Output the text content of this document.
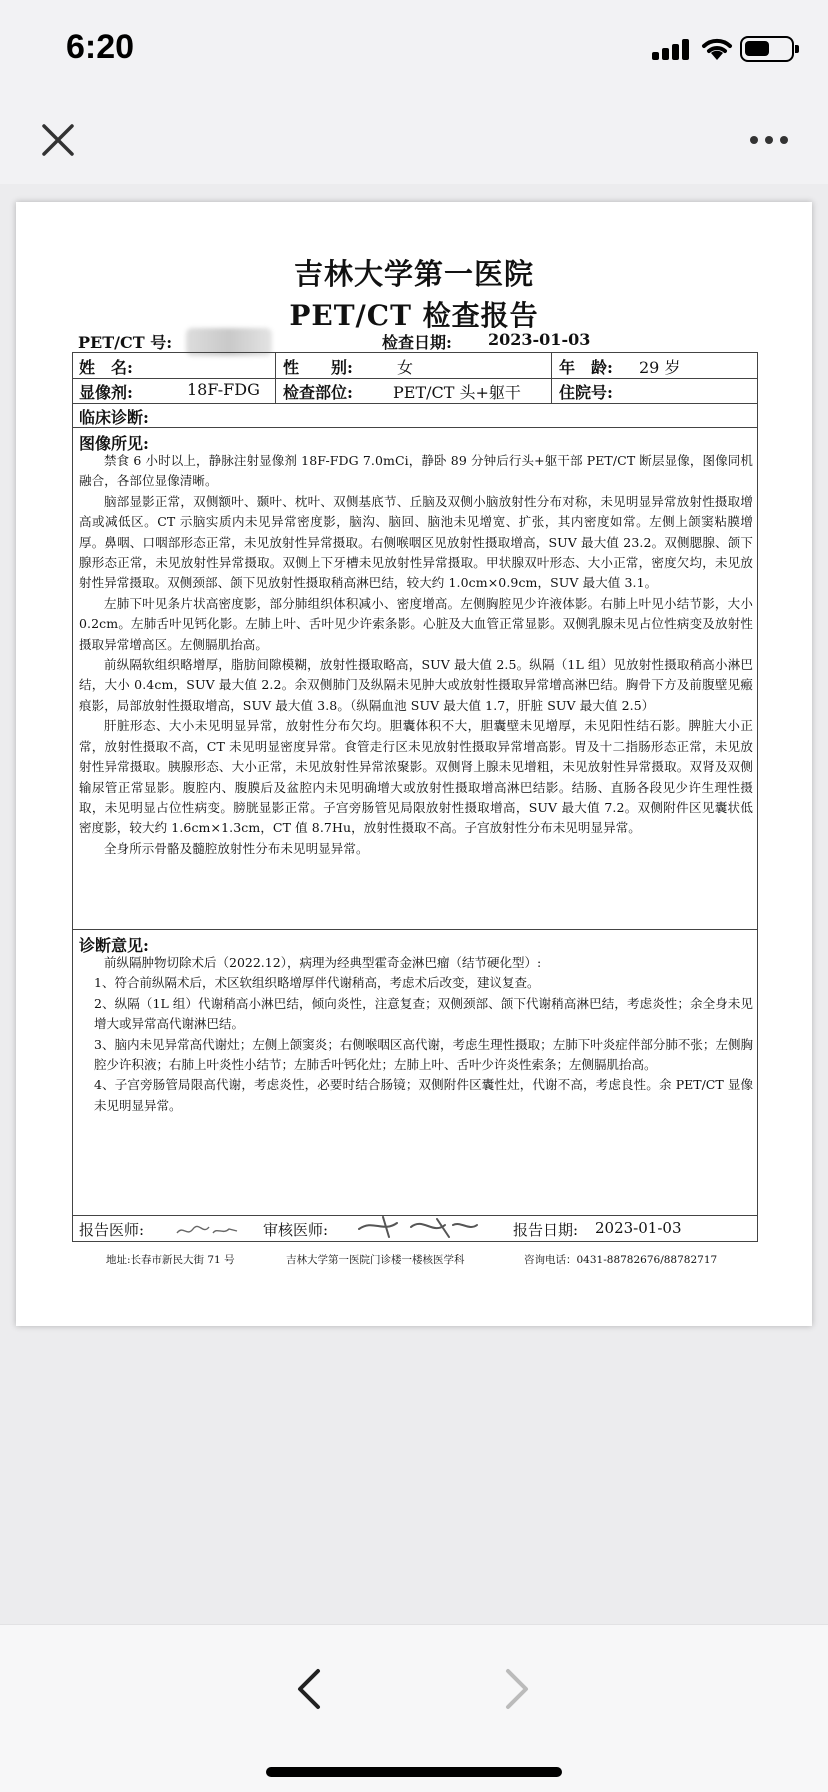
6:20
吉林大学第一医院
PET/CT 检查报告
PET/CT 号:	检查日期: 2023-01-03
姓　名:	性　　别:	女	年　龄: 29 岁
显像剂:	18F-FDG 检查部位:	PET/CT 头+躯干 住院号:
临床诊断:
图像所见:

禁食 6 小时以上，静脉注射显像剂 18F-FDG 7.0mCi，静卧 89 分钟后行头+躯干部 PET/CT 断层显像，图像同机融合，各部位显像清晰。

脑部显影正常，双侧额叶、颞叶、枕叶、双侧基底节、丘脑及双侧小脑放射性分布对称，未见明显异常放射性摄取增高或减低区。CT 示脑实质内未见异常密度影，脑沟、脑回、脑池未见增宽、扩张，其内密度如常。左侧上颌窦粘膜增厚。鼻咽、口咽部形态正常，未见放射性异常摄取。右侧喉咽区见放射性摄取增高，SUV 最大值 23.2。双侧腮腺、颌下腺形态正常，未见放射性异常摄取。双侧上下牙槽未见放射性异常摄取。甲状腺双叶形态、大小正常，密度欠均，未见放射性异常摄取。双侧颈部、颌下见放射性摄取稍高淋巴结，较大约 1.0cm×0.9cm，SUV 最大值 3.1。

左肺下叶见条片状高密度影，部分肺组织体积减小、密度增高。左侧胸腔见少许液体影。右肺上叶见小结节影，大小 0.2cm。左肺舌叶见钙化影。左肺上叶、舌叶见少许索条影。心脏及大血管正常显影。双侧乳腺未见占位性病变及放射性摄取异常增高区。左侧膈肌抬高。

前纵隔软组织略增厚，脂肪间隙模糊，放射性摄取略高，SUV 最大值 2.5。纵隔（1L 组）见放射性摄取稍高小淋巴结，大小 0.4cm，SUV 最大值 2.2。余双侧肺门及纵隔未见肿大或放射性摄取异常增高淋巴结。胸骨下方及前腹壁见瘢痕影，局部放射性摄取增高，SUV 最大值 3.8。（纵隔血池 SUV 最大值 1.7，肝脏 SUV 最大值 2.5）

肝脏形态、大小未见明显异常，放射性分布欠均。胆囊体积不大，胆囊壁未见增厚，未见阳性结石影。脾脏大小正常，放射性摄取不高，CT 未见明显密度异常。食管走行区未见放射性摄取异常增高影。胃及十二指肠形态正常，未见放射性异常摄取。胰腺形态、大小正常，未见放射性异常浓聚影。双侧肾上腺未见增粗，未见放射性异常摄取。双肾及双侧输尿管正常显影。腹腔内、腹膜后及盆腔内未见明确增大或放射性摄取增高淋巴结影。结肠、直肠各段见少许生理性摄取，未见明显占位性病变。膀胱显影正常。子宫旁肠管见局限放射性摄取增高，SUV 最大值 7.2。双侧附件区见囊状低密度影，较大约 1.6cm×1.3cm，CT 值 8.7Hu，放射性摄取不高。子宫放射性分布未见明显异常。

全身所示骨骼及髓腔放射性分布未见明显异常。

诊断意见:

前纵隔肿物切除术后（2022.12），病理为经典型霍奇金淋巴瘤（结节硬化型）:

1、符合前纵隔术后，术区软组织略增厚伴代谢稍高，考虑术后改变，建议复查。

2、纵隔（1L 组）代谢稍高小淋巴结，倾向炎性，注意复查；双侧颈部、颌下代谢稍高淋巴结，考虑炎性；余全身未见增大或异常高代谢淋巴结。

3、脑内未见异常高代谢灶；左侧上颌窦炎；右侧喉咽区高代谢，考虑生理性摄取；左肺下叶炎症伴部分肺不张；左侧胸腔少许积液；右肺上叶炎性小结节；左肺舌叶钙化灶；左肺上叶、舌叶少许炎性索条；左侧膈肌抬高。

4、子宫旁肠管局限高代谢，考虑炎性，必要时结合肠镜；双侧附件区囊性灶，代谢不高，考虑良性。余 PET/CT 显像未见明显异常。

报告医师:	审核医师:	报告日期: 2023-01-03
地址:长春市新民大街 71 号	吉林大学第一医院门诊楼一楼核医学科	咨询电话：0431-88782676/88782717
